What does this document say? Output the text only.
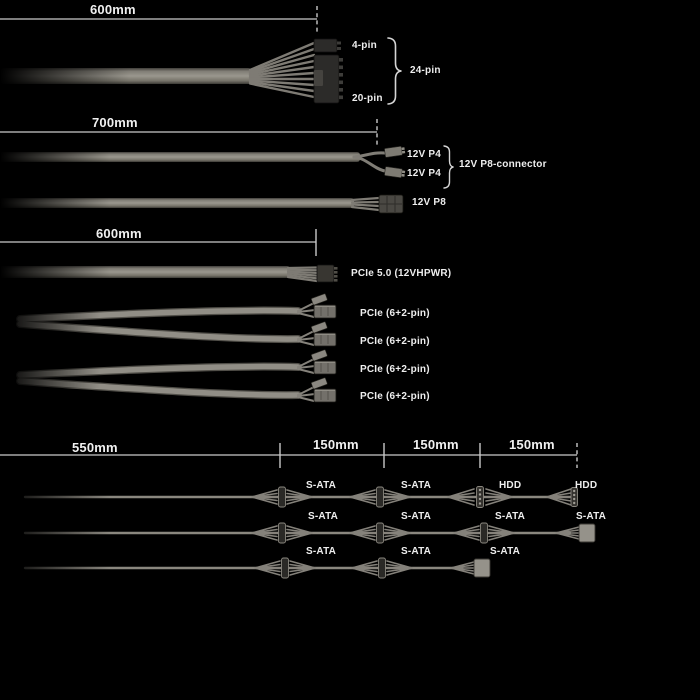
600mm
4-pin
24-pin
20-pin
700mm
12V P4
12V P4
12V P8-connector
12V P8
600mm
PCIe 5.0 (12VHPWR)
PCIe (6+2-pin)
PCIe (6+2-pin)
PCIe (6+2-pin)
PCIe (6+2-pin)
550mm	150mm	150mm	150mm
S-ATA	S-ATA	HDD	HDD
S-ATA	S-ATA	S-ATA	S-ATA
S-ATA	S-ATA	S-ATA
